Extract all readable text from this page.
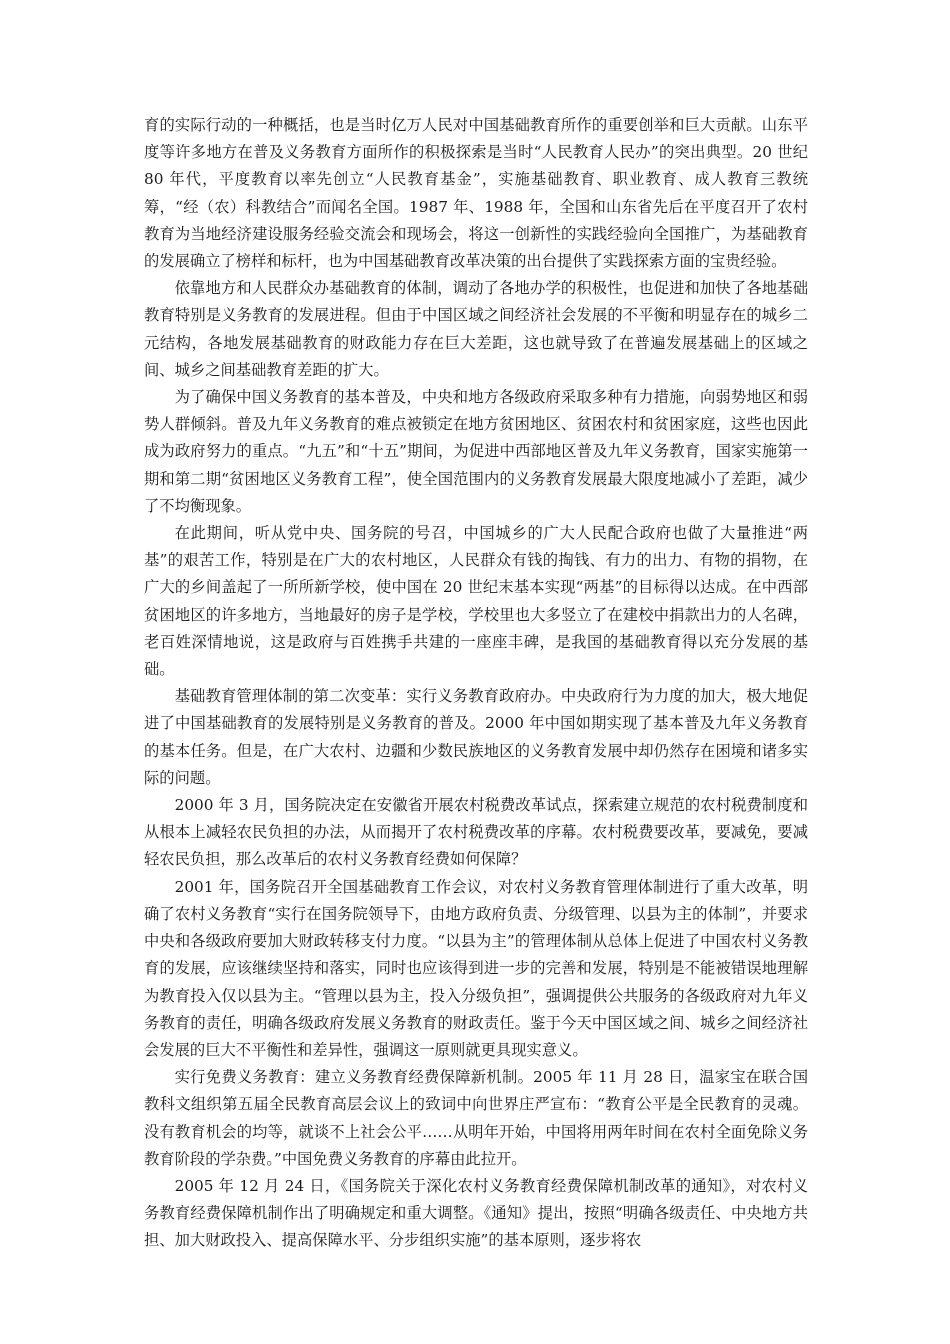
育的实际行动的一种概括，也是当时亿万人民对中国基础教育所作的重要创举和巨大贡献。山东平度等许多地方在普及义务教育方面所作的积极探索是当时“人民教育人民办”的突出典型。20 世纪 80 年代，平度教育以率先创立“人民教育基金”，实施基础教育、职业教育、成人教育三教统筹，“经（农）科教结合”而闻名全国。1987 年、1988 年，全国和山东省先后在平度召开了农村教育为当地经济建设服务经验交流会和现场会，将这一创新性的实践经验向全国推广，为基础教育的发展确立了榜样和标杆，也为中国基础教育改革决策的出台提供了实践探索方面的宝贵经验。

依靠地方和人民群众办基础教育的体制，调动了各地办学的积极性，也促进和加快了各地基础教育特别是义务教育的发展进程。但由于中国区域之间经济社会发展的不平衡和明显存在的城乡二元结构，各地发展基础教育的财政能力存在巨大差距，这也就导致了在普遍发展基础上的区域之间、城乡之间基础教育差距的扩大。

为了确保中国义务教育的基本普及，中央和地方各级政府采取多种有力措施，向弱势地区和弱势人群倾斜。普及九年义务教育的难点被锁定在地方贫困地区、贫困农村和贫困家庭，这些也因此成为政府努力的重点。“九五”和“十五”期间，为促进中西部地区普及九年义务教育，国家实施第一期和第二期“贫困地区义务教育工程”，使全国范围内的义务教育发展最大限度地减小了差距，减少了不均衡现象。

在此期间，听从党中央、国务院的号召，中国城乡的广大人民配合政府也做了大量推进“两基”的艰苦工作，特别是在广大的农村地区，人民群众有钱的掏钱、有力的出力、有物的捐物，在广大的乡间盖起了一所所新学校，使中国在 20 世纪末基本实现“两基”的目标得以达成。在中西部贫困地区的许多地方，当地最好的房子是学校，学校里也大多竖立了在建校中捐款出力的人名碑，老百姓深情地说，这是政府与百姓携手共建的一座座丰碑，是我国的基础教育得以充分发展的基础。

基础教育管理体制的第二次变革：实行义务教育政府办。中央政府行为力度的加大，极大地促进了中国基础教育的发展特别是义务教育的普及。2000 年中国如期实现了基本普及九年义务教育的基本任务。但是，在广大农村、边疆和少数民族地区的义务教育发展中却仍然存在困境和诸多实际的问题。

2000 年 3 月，国务院决定在安徽省开展农村税费改革试点，探索建立规范的农村税费制度和从根本上减轻农民负担的办法，从而揭开了农村税费改革的序幕。农村税费要改革，要减免，要减轻农民负担，那么改革后的农村义务教育经费如何保障？

2001 年，国务院召开全国基础教育工作会议，对农村义务教育管理体制进行了重大改革，明确了农村义务教育“实行在国务院领导下，由地方政府负责、分级管理、以县为主的体制”，并要求中央和各级政府要加大财政转移支付力度。“以县为主”的管理体制从总体上促进了中国农村义务教育的发展，应该继续坚持和落实，同时也应该得到进一步的完善和发展，特别是不能被错误地理解为教育投入仅以县为主。“管理以县为主，投入分级负担”，强调提供公共服务的各级政府对九年义务教育的责任，明确各级政府发展义务教育的财政责任。鉴于今天中国区域之间、城乡之间经济社会发展的巨大不平衡性和差异性，强调这一原则就更具现实意义。

实行免费义务教育：建立义务教育经费保障新机制。2005 年 11 月 28 日，温家宝在联合国教科文组织第五届全民教育高层会议上的致词中向世界庄严宣布：“教育公平是全民教育的灵魂。没有教育机会的均等，就谈不上社会公平……从明年开始，中国将用两年时间在农村全面免除义务教育阶段的学杂费。”中国免费义务教育的序幕由此拉开。

2005 年 12 月 24 日，《国务院关于深化农村义务教育经费保障机制改革的通知》，对农村义务教育经费保障机制作出了明确规定和重大调整。《通知》提出，按照“明确各级责任、中央地方共担、加大财政投入、提高保障水平、分步组织实施”的基本原则，逐步将农
